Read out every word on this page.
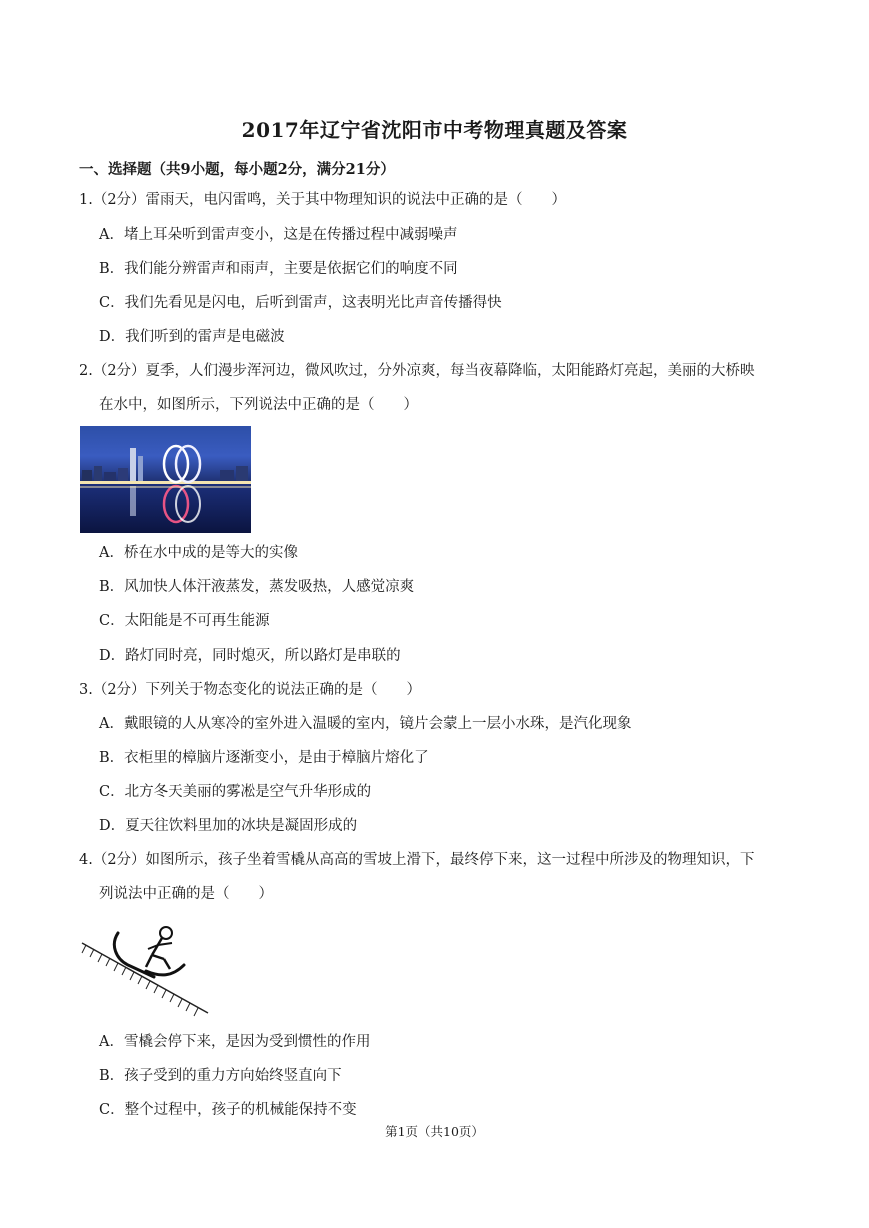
2017年辽宁省沈阳市中考物理真题及答案
一、选择题（共9小题，每小题2分，满分21分）
1.（2分）雷雨天，电闪雷鸣，关于其中物理知识的说法中正确的是（　　）
A．堵上耳朵听到雷声变小，这是在传播过程中减弱噪声
B．我们能分辨雷声和雨声，主要是依据它们的响度不同
C．我们先看见是闪电，后听到雷声，这表明光比声音传播得快
D．我们听到的雷声是电磁波
2.（2分）夏季，人们漫步浑河边，微风吹过，分外凉爽，每当夜幕降临，太阳能路灯亮起，美丽的大桥映
在水中，如图所示，下列说法中正确的是（　　）
A．桥在水中成的是等大的实像
B．风加快人体汗液蒸发，蒸发吸热，人感觉凉爽
C．太阳能是不可再生能源
D．路灯同时亮，同时熄灭，所以路灯是串联的
3.（2分）下列关于物态变化的说法正确的是（　　）
A．戴眼镜的人从寒冷的室外进入温暖的室内，镜片会蒙上一层小水珠，是汽化现象
B．衣柜里的樟脑片逐渐变小，是由于樟脑片熔化了
C．北方冬天美丽的雾凇是空气升华形成的
D．夏天往饮料里加的冰块是凝固形成的
4.（2分）如图所示，孩子坐着雪橇从高高的雪坡上滑下，最终停下来，这一过程中所涉及的物理知识，下
列说法中正确的是（　　）
A．雪橇会停下来，是因为受到惯性的作用
B．孩子受到的重力方向始终竖直向下
C．整个过程中，孩子的机械能保持不变
第1页（共10页）
